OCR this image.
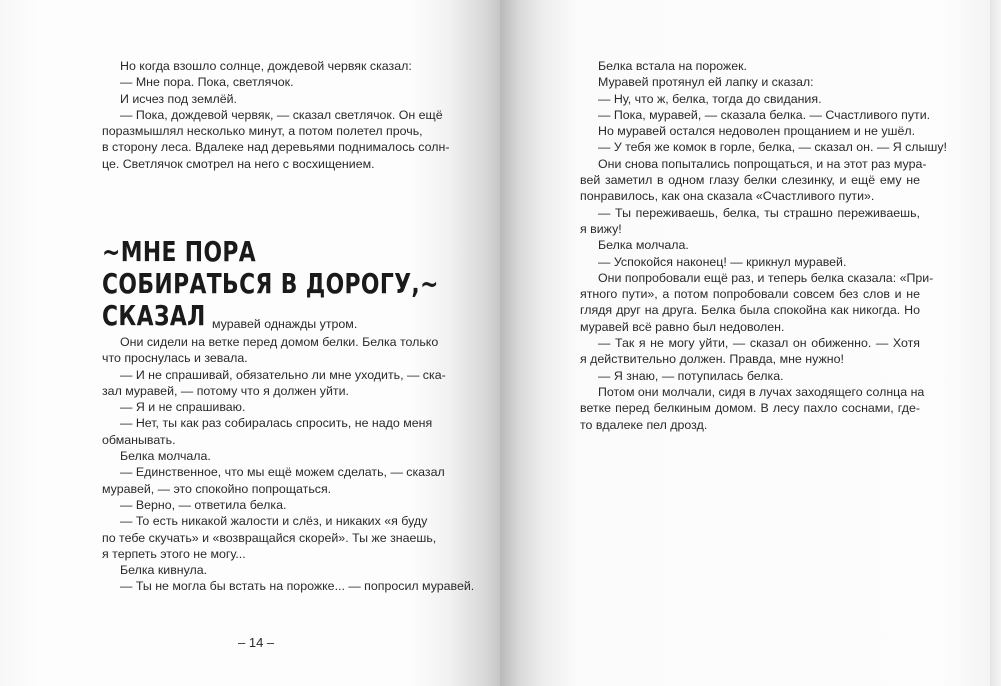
Но когда взошло солнце, дождевой червяк сказал:
— Мне пора. Пока, светлячок.
И исчез под землёй.
— Пока, дождевой червяк, — сказал светлячок. Он ещё
поразмышлял несколько минут, а потом полетел прочь,
в сторону леса. Вдалеке над деревьями поднималось солн-
це. Светлячок смотрел на него с восхищением.
~МНЕ ПОРА
СОБИРАТЬСЯ В ДОРОГУ,~
СКАЗАЛ муравей однажды утром.
Они сидели на ветке перед домом белки. Белка только
что проснулась и зевала.
— И не спрашивай, обязательно ли мне уходить, — ска-
зал муравей, — потому что я должен уйти.
— Я и не спрашиваю.
— Нет, ты как раз собиралась спросить, не надо меня
обманывать.
Белка молчала.
— Единственное, что мы ещё можем сделать, — сказал
муравей, — это спокойно попрощаться.
— Верно, — ответила белка.
— То есть никакой жалости и слёз, и никаких «я буду
по тебе скучать» и «возвращайся скорей». Ты же знаешь,
я терпеть этого не могу...
Белка кивнула.
— Ты не могла бы встать на порожке... — попросил муравей.
– 14 –
Белка встала на порожек.
Муравей протянул ей лапку и сказал:
— Ну, что ж, белка, тогда до свидания.
— Пока, муравей, — сказала белка. — Счастливого пути.
Но муравей остался недоволен прощанием и не ушёл.
— У тебя же комок в горле, белка, — сказал он. — Я слышу!
Они снова попытались попрощаться, и на этот раз мура-
вей заметил в одном глазу белки слезинку, и ещё ему не
понравилось, как она сказала «Счастливого пути».
— Ты переживаешь, белка, ты страшно переживаешь,
я вижу!
Белка молчала.
— Успокойся наконец! — крикнул муравей.
Они попробовали ещё раз, и теперь белка сказала: «При-
ятного пути», а потом попробовали совсем без слов и не
глядя друг на друга. Белка была спокойна как никогда. Но
муравей всё равно был недоволен.
— Так я не могу уйти, — сказал он обиженно. — Хотя
я действительно должен. Правда, мне нужно!
— Я знаю, — потупилась белка.
Потом они молчали, сидя в лучах заходящего солнца на
ветке перед белкиным домом. В лесу пахло соснами, где-
то вдалеке пел дрозд.
